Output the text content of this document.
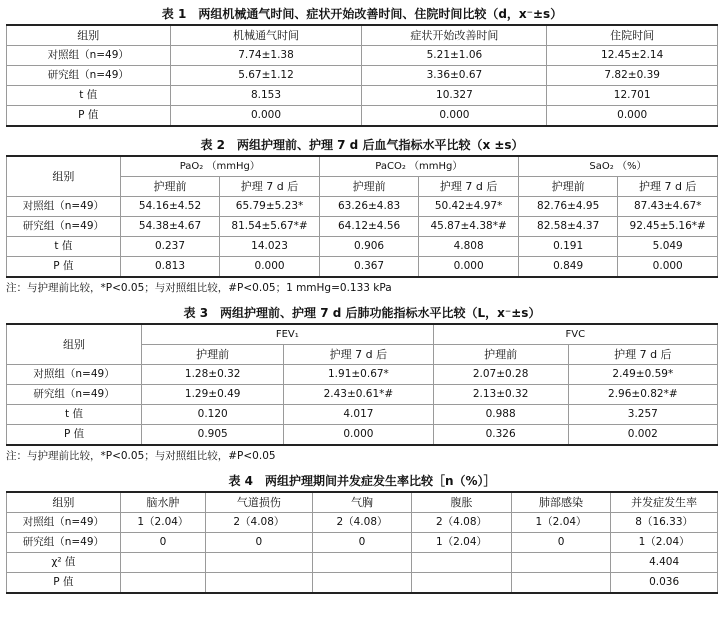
表 1　两组机械通气时间、症状开始改善时间、住院时间比较（d，x⁻±s）
组别	机械通气时间	症状开始改善时间	住院时间
对照组（n=49）	7.74±1.38	5.21±1.06	12.45±2.14
研究组（n=49）	5.67±1.12	3.36±0.67	7.82±0.39
t 值	8.153	10.327	12.701
P 值	0.000	0.000	0.000
表 2　两组护理前、护理 7 d 后血气指标水平比较（x ±s）
组别	PaO₂ （mmHg）		PaCO₂ （mmHg）		SaO₂ （%）	
	护理前	护理 7 d 后	护理前	护理 7 d 后	护理前	护理 7 d 后
对照组（n=49）	54.16±4.52	65.79±5.23*	63.26±4.83	50.42±4.97*	82.76±4.95	87.43±4.67*
研究组（n=49）	54.38±4.67	81.54±5.67*#	64.12±4.56	45.87±4.38*#	82.58±4.37	92.45±5.16*#
t 值	0.237	14.023	0.906	4.808	0.191	5.049
P 值	0.813	0.000	0.367	0.000	0.849	0.000
注：与护理前比较，*P<0.05；与对照组比较，#P<0.05；1 mmHg=0.133 kPa
表 3　两组护理前、护理 7 d 后肺功能指标水平比较（L，x⁻±s）
组别	FEV₁		FVC	
	护理前	护理 7 d 后	护理前	护理 7 d 后
对照组（n=49）	1.28±0.32	1.91±0.67*	2.07±0.28	2.49±0.59*
研究组（n=49）	1.29±0.49	2.43±0.61*#	2.13±0.32	2.96±0.82*#
t 值	0.120	4.017	0.988	3.257
P 值	0.905	0.000	0.326	0.002
注：与护理前比较，*P<0.05；与对照组比较，#P<0.05
表 4　两组护理期间并发症发生率比较［n（%）］
组别	脑水肿	气道损伤	气胸	腹胀	肺部感染	并发症发生率
对照组（n=49）	1（2.04）	2（4.08）	2（4.08）	2（4.08）	1（2.04）	8（16.33）
研究组（n=49）	0	0	0	1（2.04）	0	1（2.04）
χ² 值						4.404
P 值						0.036
